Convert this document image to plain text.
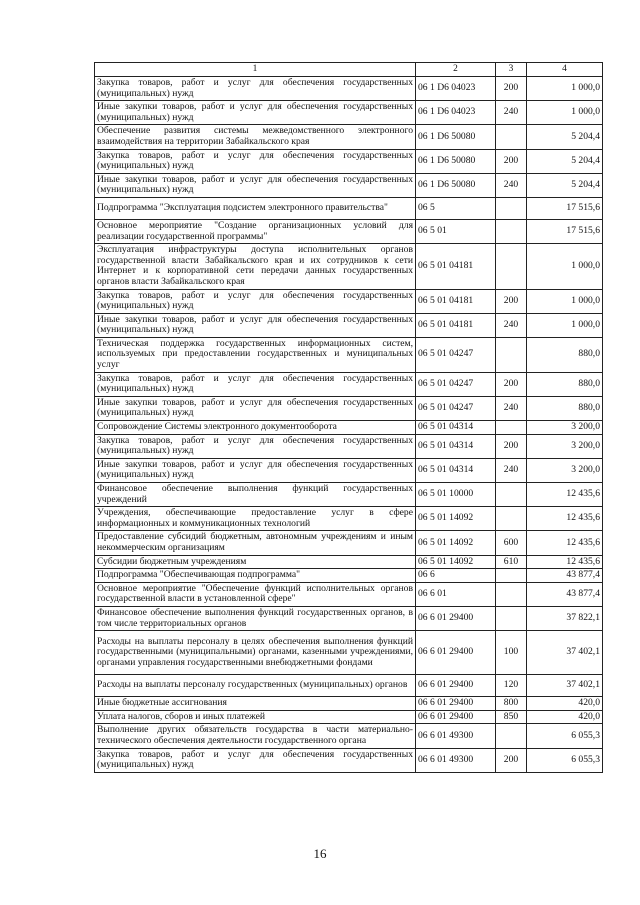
1	2	3	4
Закупка товаров, работ и услуг для обеспечения государственных (муниципальных) нужд	06 1 D6 04023	200	1 000,0
Иные закупки товаров, работ и услуг для обеспечения государственных (муниципальных) нужд	06 1 D6 04023	240	1 000,0
Обеспечение развития системы межведомственного электронного взаимодействия на территории Забайкальского края	06 1 D6 50080		5 204,4
Закупка товаров, работ и услуг для обеспечения государственных (муниципальных) нужд	06 1 D6 50080	200	5 204,4
Иные закупки товаров, работ и услуг для обеспечения государственных (муниципальных) нужд	06 1 D6 50080	240	5 204,4
Подпрограмма "Эксплуатация подсистем электронного правительства"	06 5		17 515,6
Основное мероприятие "Создание организационных условий для реализации государственной программы"	06 5 01		17 515,6
Эксплуатация инфраструктуры доступа исполнительных органов государственной власти Забайкальского края и их сотрудников к сети Интернет и к корпоративной сети передачи данных государственных органов власти Забайкальского края	06 5 01 04181		1 000,0
Закупка товаров, работ и услуг для обеспечения государственных (муниципальных) нужд	06 5 01 04181	200	1 000,0
Иные закупки товаров, работ и услуг для обеспечения государственных (муниципальных) нужд	06 5 01 04181	240	1 000,0
Техническая поддержка государственных информационных систем, используемых при предоставлении государственных и муниципальных услуг	06 5 01 04247		880,0
Закупка товаров, работ и услуг для обеспечения государственных (муниципальных) нужд	06 5 01 04247	200	880,0
Иные закупки товаров, работ и услуг для обеспечения государственных (муниципальных) нужд	06 5 01 04247	240	880,0
Сопровождение Системы электронного документооборота	06 5 01 04314		3 200,0
Закупка товаров, работ и услуг для обеспечения государственных (муниципальных) нужд	06 5 01 04314	200	3 200,0
Иные закупки товаров, работ и услуг для обеспечения государственных (муниципальных) нужд	06 5 01 04314	240	3 200,0
Финансовое обеспечение выполнения функций государственных учреждений	06 5 01 10000		12 435,6
Учреждения, обеспечивающие предоставление услуг в сфере информационных и коммуникационных технологий	06 5 01 14092		12 435,6
Предоставление субсидий бюджетным, автономным учреждениям и иным некоммерческим организациям	06 5 01 14092	600	12 435,6
Субсидии бюджетным учреждениям	06 5 01 14092	610	12 435,6
Подпрограмма "Обеспечивающая подпрограмма"	06 6		43 877,4
Основное мероприятие "Обеспечение функций исполнительных органов государственной власти в установленной сфере"	06 6 01		43 877,4
Финансовое обеспечение выполнения функций государственных органов, в том числе территориальных органов	06 6 01 29400		37 822,1
Расходы на выплаты персоналу в целях обеспечения выполнения функций государственными (муниципальными) органами, казенными учреждениями, органами управления государственными внебюджетными фондами	06 6 01 29400	100	37 402,1
Расходы на выплаты персоналу государственных (муниципальных) органов	06 6 01 29400	120	37 402,1
Иные бюджетные ассигнования	06 6 01 29400	800	420,0
Уплата налогов, сборов и иных платежей	06 6 01 29400	850	420,0
Выполнение других обязательств государства в части материально-технического обеспечения деятельности государственного органа	06 6 01 49300		6 055,3
Закупка товаров, работ и услуг для обеспечения государственных (муниципальных) нужд	06 6 01 49300	200	6 055,3
16
